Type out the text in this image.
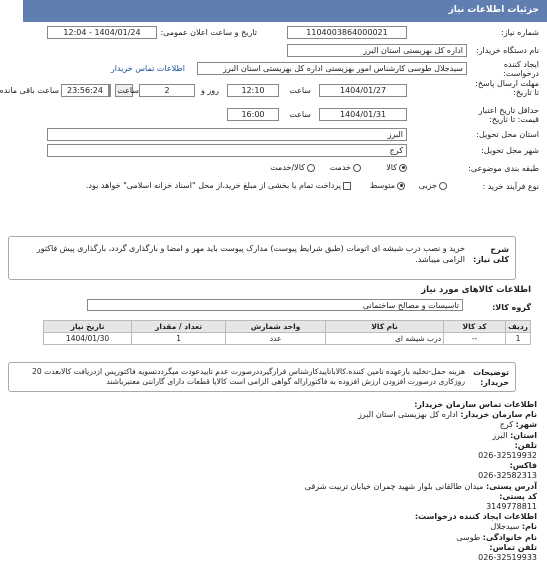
جزئیات اطلاعات نیاز
شماره نیاز:
1104003864000021
تاریخ و ساعت اعلان عمومی:
1404/01/24 - 12:04
نام دستگاه خریدار:
اداره کل بهزیستی استان البرز
ایجاد کننده درخواست:
سیدجلال طوسی کارشناس امور بهزیستی اداره کل بهزیستی استان البرز
اطلاعات تماس خریدار
مهلت ارسال پاسخ: تا تاریخ:
1404/01/27
ساعت
12:10
روز و
2
ساعت
23:56:24
ساعت باقی مانده
حداقل تاریخ اعتبار قیمت: تا تاریخ:
1404/01/31
ساعت
16:00
استان محل تحویل:
البرز
شهر محل تحویل:
کرج
طبقه بندی موضوعی:
کالا
خدمت
کالا/خدمت
نوع فرآیند خرید :
جزیی
متوسط
پرداخت تمام یا بخشی از مبلغ خرید،از محل "اسناد خزانه اسلامی" خواهد بود.
شرح کلی نیاز:
خرید و نصب درب شیشه ای اتومات (طبق شرایط پیوست) مدارک پیوست باید مهر و امضا و بارگذاری گردد، بارگذاری پیش فاکتور الزامی میباشد.
اطلاعات کالاهای مورد نیاز
گروه کالا:
تاسیسات و مصالح ساختمانی
ردیف	کد کالا	نام کالا	واحد شمارش	تعداد / مقدار	تاریخ نیاز
1	--	درب شیشه ای	عدد	1	1404/01/30
توضیحات خریدار:
هزینه حمل-تخلیه بارعهده تامین کننده.کالاباتاییدکارشناس قرارگیرددرصورت عدم تاییدعودت میگرددتسویه فاکتورپس ازدریافت کالابعدت 20 روزکاری درصورت افزودن ارزش افزوده به فاکتوراراله گواهی الزامی است کالایا قطعات دارای گارانتی معتبرباشند
اطلاعات تماس سازمان خریدار:
نام سازمان خریدار: اداره کل بهزیستی استان البرز
شهر: کرج
استان: البرز
تلفن:
026-32519932
فاکس:
026-32582313
آدرس پستی: میدان طالقانی بلوار شهید چمران خیابان تربیت شرقی
کد پستی:
3149778811
اطلاعات ایجاد کننده درخواست:
نام: سیدجلال
نام خانوادگی: طوسی
تلفن تماس:
026-32519933
